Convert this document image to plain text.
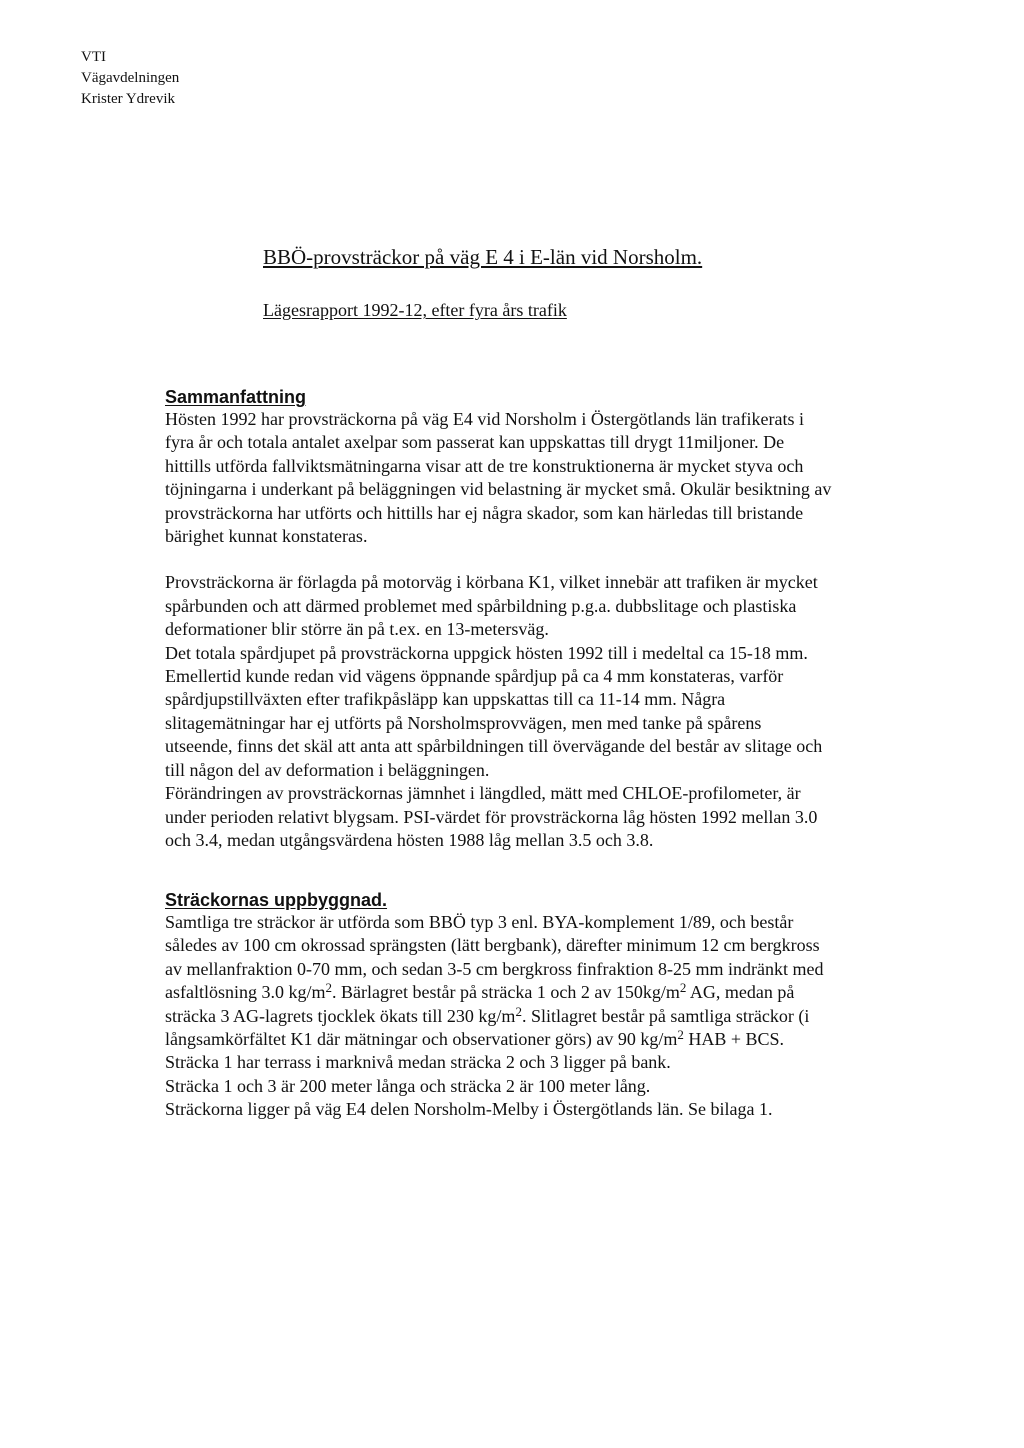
VTI
Vägavdelningen
Krister Ydrevik
BBÖ-provsträckor på väg E 4 i E-län vid Norsholm.
Lägesrapport 1992-12, efter fyra års trafik

Sammanfattning

Hösten 1992 har provsträckorna på väg E4 vid Norsholm i Östergötlands län trafikerats i
fyra år och totala antalet axelpar som passerat kan uppskattas till drygt 11miljoner. De
hittills utförda fallviktsmätningarna visar att de tre konstruktionerna är mycket styva och
töjningarna i underkant på beläggningen vid belastning är mycket små. Okulär besiktning av
provsträckorna har utförts och hittills har ej några skador, som kan härledas till bristande
bärighet kunnat konstateras.

Provsträckorna är förlagda på motorväg i körbana K1, vilket innebär att trafiken är mycket
spårbunden och att därmed problemet med spårbildning p.g.a. dubbslitage och plastiska
deformationer blir större än på t.ex. en 13-metersväg.

Det totala spårdjupet på provsträckorna uppgick hösten 1992 till i medeltal ca 15-18 mm.
Emellertid kunde redan vid vägens öppnande spårdjup på ca 4 mm konstateras, varför
spårdjupstillväxten efter trafikpåsläpp kan uppskattas till ca 11-14 mm. Några
slitagemätningar har ej utförts på Norsholmsprovvägen, men med tanke på spårens
utseende, finns det skäl att anta att spårbildningen till övervägande del består av slitage och
till någon del av deformation i beläggningen.

Förändringen av provsträckornas jämnhet i längdled, mätt med CHLOE-profilometer, är
under perioden relativt blygsam. PSI-värdet för provsträckorna låg hösten 1992 mellan 3.0
och 3.4, medan utgångsvärdena hösten 1988 låg mellan 3.5 och 3.8.

Sträckornas uppbyggnad.

Samtliga tre sträckor är utförda som BBÖ typ 3 enl. BYA-komplement 1/89, och består
således av 100 cm okrossad sprängsten (lätt bergbank), därefter minimum 12 cm bergkross
av mellanfraktion 0-70 mm, och sedan 3-5 cm bergkross finfraktion 8-25 mm indränkt med
asfaltlösning 3.0 $kg/m^2$. Bärlagret består på sträcka 1 och 2 av $150kg/m^2$ AG, medan på
sträcka 3 AG-lagrets tjocklek ökats till 230 $kg/m^2$. Slitlagret består på samtliga sträckor (i
långsamkörfältet K1 där mätningar och observationer görs) av 90 $kg/m^2$ HAB + BCS.
Sträcka 1 har terrass i marknivå medan sträcka 2 och 3 ligger på bank.
Sträcka 1 och 3 är 200 meter långa och sträcka 2 är 100 meter lång.
Sträckorna ligger på väg E4 delen Norsholm-Melby i Östergötlands län. Se bilaga 1.
